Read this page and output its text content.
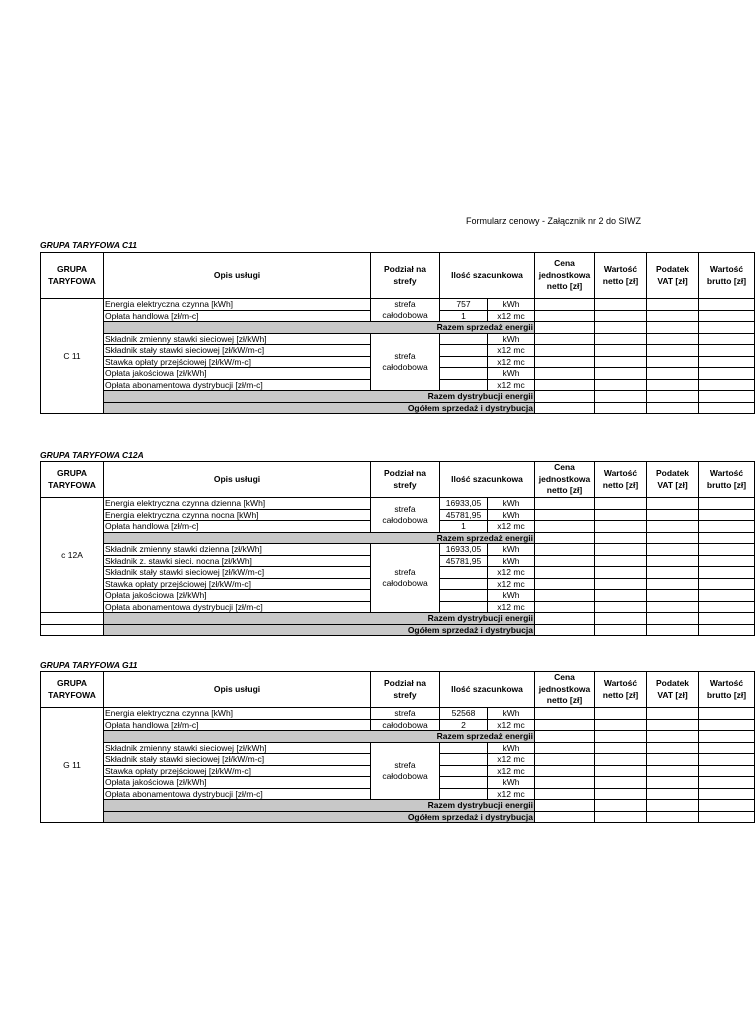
Formularz cenowy - Załącznik nr 2 do SIWZ
GRUPA TARYFOWA C11
GRUPA TARYFOWA	Opis usługi	Podział na strefy	Ilość szacunkowa		Cena jednostkowa netto [zł]	Wartość netto [zł]	Podatek VAT [zł]	Wartość brutto [zł]
C 11	Energia elektryczna czynna [kWh]	strefa całodobowa	757	kWh				
	Opłata handlowa [zł/m-c]		1	x12 mc				
	Razem sprzedaż energii							
	Składnik zmienny stawki sieciowej [zł/kWh]	strefa całodobowa		kWh				
	Składnik stały stawki sieciowej [zł/kW/m-c]			x12 mc				
	Stawka opłaty przejściowej [zł/kW/m-c]			x12 mc				
	Opłata jakościowa [zł/kWh]			kWh				
	Opłata abonamentowa dystrybucji [zł/m-c]			x12 mc				
	Razem dystrybucji energii							
	Ogółem sprzedaż i dystrybucja							
GRUPA TARYFOWA C12A
GRUPA TARYFOWA	Opis usługi	Podział na strefy	Ilość szacunkowa		Cena jednostkowa netto [zł]	Wartość netto [zł]	Podatek VAT [zł]	Wartość brutto [zł]
c 12A	Energia elektryczna czynna dzienna [kWh]	strefa całodobowa	16933,05	kWh				
	Energia elektryczna czynna nocna [kWh]		45781,95	kWh				
	Opłata handlowa [zł/m-c]		1	x12 mc				
	Razem sprzedaż energii							
	Składnik zmienny stawki dzienna [zł/kWh]	strefa całodobowa	16933,05	kWh				
	Składnik z. stawki sieci. nocna [zł/kWh]		45781,95	kWh				
	Składnik stały stawki sieciowej [zł/kW/m-c]			x12 mc				
	Stawka opłaty przejściowej [zł/kW/m-c]			x12 mc				
	Opłata jakościowa [zł/kWh]			kWh				
	Opłata abonamentowa dystrybucji [zł/m-c]			x12 mc				
	Razem dystrybucji energii							
	Ogółem sprzedaż i dystrybucja							
GRUPA TARYFOWA G11
GRUPA TARYFOWA	Opis usługi	Podział na strefy	Ilość szacunkowa		Cena jednostkowa netto [zł]	Wartość netto [zł]	Podatek VAT [zł]	Wartość brutto [zł]
G 11	Energia elektryczna czynna [kWh]	strefa	52568	kWh				
	Opłata handlowa [zł/m-c]	całodobowa	2	x12 mc				
	Razem sprzedaż energii							
	Składnik zmienny stawki sieciowej [zł/kWh]	strefa całodobowa		kWh				
	Składnik stały stawki sieciowej [zł/kW/m-c]			x12 mc				
	Stawka opłaty przejściowej [zł/kW/m-c]			x12 mc				
	Opłata jakościowa [zł/kWh]			kWh				
	Opłata abonamentowa dystrybucji [zł/m-c]			x12 mc				
	Razem dystrybucji energii							
	Ogółem sprzedaż i dystrybucja							
